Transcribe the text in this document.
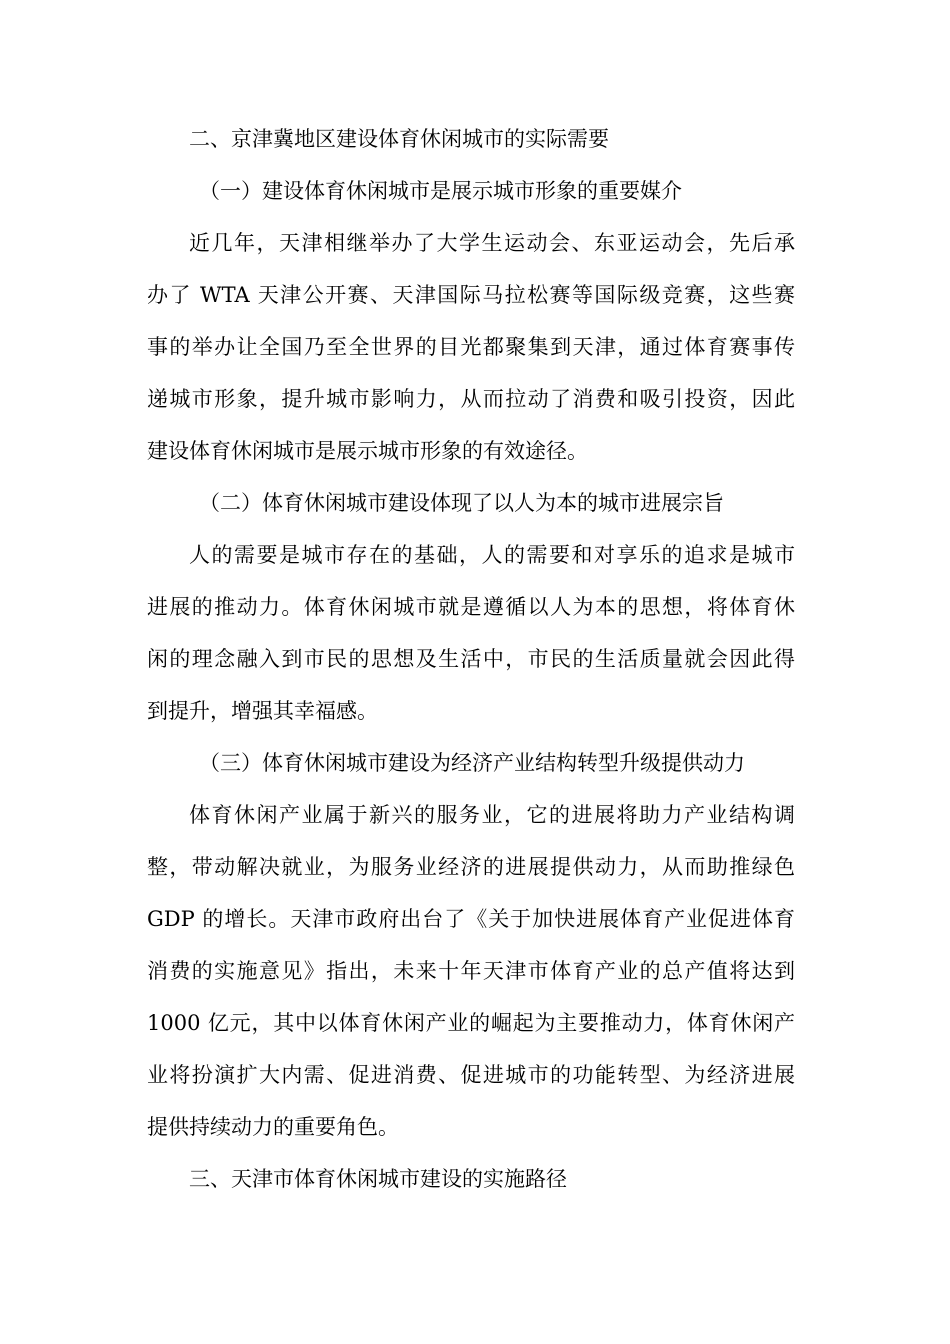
二、京津冀地区建设体育休闲城市的实际需要
（一）建设体育休闲城市是展示城市形象的重要媒介
近几年，天津相继举办了大学生运动会、东亚运动会，先后承
办了 WTA 天津公开赛、天津国际马拉松赛等国际级竞赛，这些赛
事的举办让全国乃至全世界的目光都聚集到天津，通过体育赛事传
递城市形象，提升城市影响力，从而拉动了消费和吸引投资，因此
建设体育休闲城市是展示城市形象的有效途径。
（二）体育休闲城市建设体现了以人为本的城市进展宗旨
人的需要是城市存在的基础，人的需要和对享乐的追求是城市
进展的推动力。体育休闲城市就是遵循以人为本的思想，将体育休
闲的理念融入到市民的思想及生活中，市民的生活质量就会因此得
到提升，增强其幸福感。
（三）体育休闲城市建设为经济产业结构转型升级提供动力
体育休闲产业属于新兴的服务业，它的进展将助力产业结构调
整，带动解决就业，为服务业经济的进展提供动力，从而助推绿色
GDP 的增长。天津市政府出台了《关于加快进展体育产业促进体育
消费的实施意见》指出，未来十年天津市体育产业的总产值将达到
1000 亿元，其中以体育休闲产业的崛起为主要推动力，体育休闲产
业将扮演扩大内需、促进消费、促进城市的功能转型、为经济进展
提供持续动力的重要角色。
三、天津市体育休闲城市建设的实施路径
